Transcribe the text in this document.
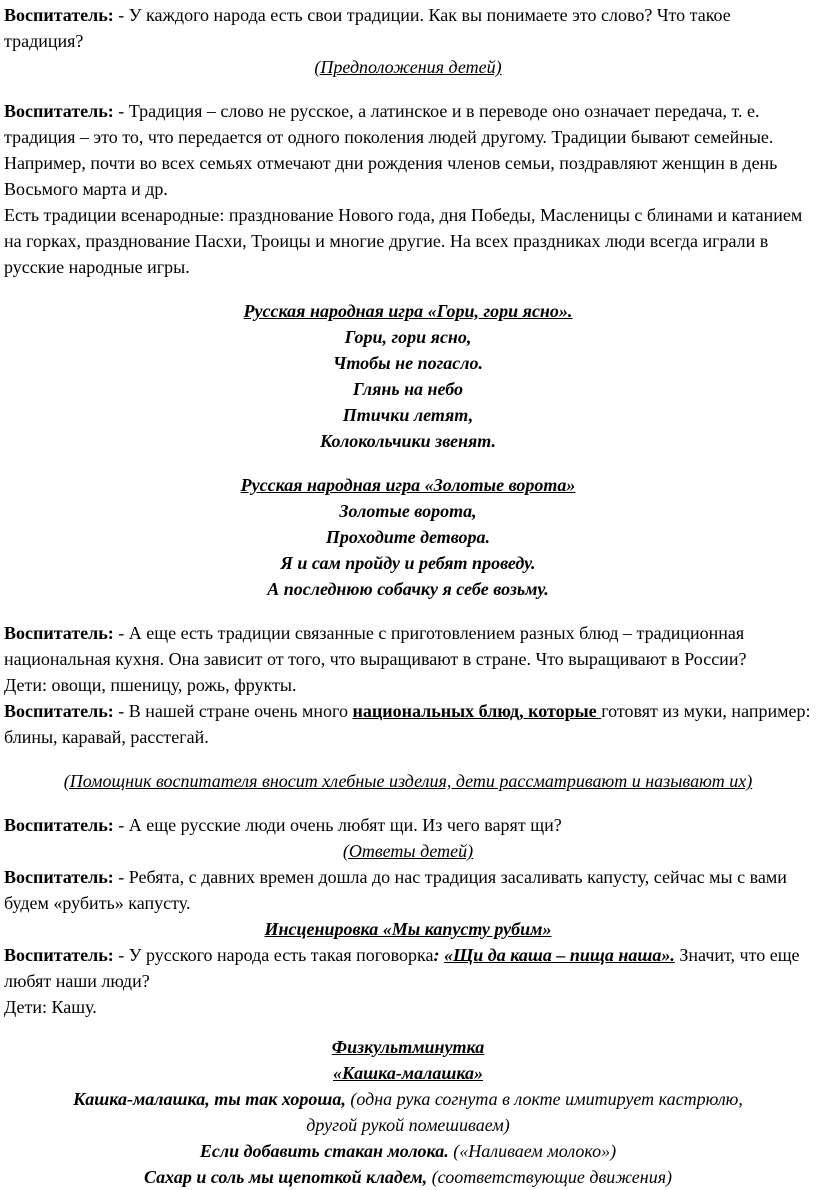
Воспитатель: - У каждого народа есть свои традиции. Как вы понимаете это слово? Что такое традиция?

(Предположения детей)

Воспитатель: - Традиция – слово не русское, а латинское и в переводе оно означает передача, т. е. традиция – это то, что передается от одного поколения людей другому. Традиции бывают семейные. Например, почти во всех семьях отмечают дни рождения членов семьи, поздравляют женщин в день Восьмого марта и др.

Есть традиции всенародные: празднование Нового года, дня Победы, Масленицы с блинами и катанием на горках, празднование Пасхи, Троицы и многие другие. На всех праздниках люди всегда играли в русские народные игры.

Русская народная игра «Гори, гори ясно».

Гори, гори ясно,

Чтобы не погасло.

Глянь на небо

Птички летят,

Колокольчики звенят.

Русская народная игра «Золотые ворота»

Золотые ворота,

Проходите детвора.

Я и сам пройду и ребят проведу.

А последнюю собачку я себе возьму.

Воспитатель: - А еще есть традиции связанные с приготовлением разных блюд – традиционная национальная кухня. Она зависит от того, что выращивают в стране. Что выращивают в России?

Дети: овощи, пшеницу, рожь, фрукты.

Воспитатель: - В нашей стране очень много национальных блюд, которые готовят из муки, например: блины, каравай, расстегай.

(Помощник воспитателя вносит хлебные изделия, дети рассматривают и называют их)

Воспитатель: - А еще русские люди очень любят щи. Из чего варят щи?

(Ответы детей)

Воспитатель: - Ребята, с давних времен дошла до нас традиция засаливать капусту, сейчас мы с вами будем «рубить» капусту.

Инсценировка «Мы капусту рубим»

Воспитатель: - У русского народа есть такая поговорка: «Щи да каша – пища наша». Значит, что еще любят наши люди?

Дети: Кашу.

Физкультминутка

«Кашка-малашка»

Кашка-малашка, ты так хороша, (одна рука согнута в локте имитирует кастрюлю,

другой рукой помешиваем)

Если добавить стакан молока. («Наливаем молоко»)

Сахар и соль мы щепоткой кладем, (соответствующие движения)
